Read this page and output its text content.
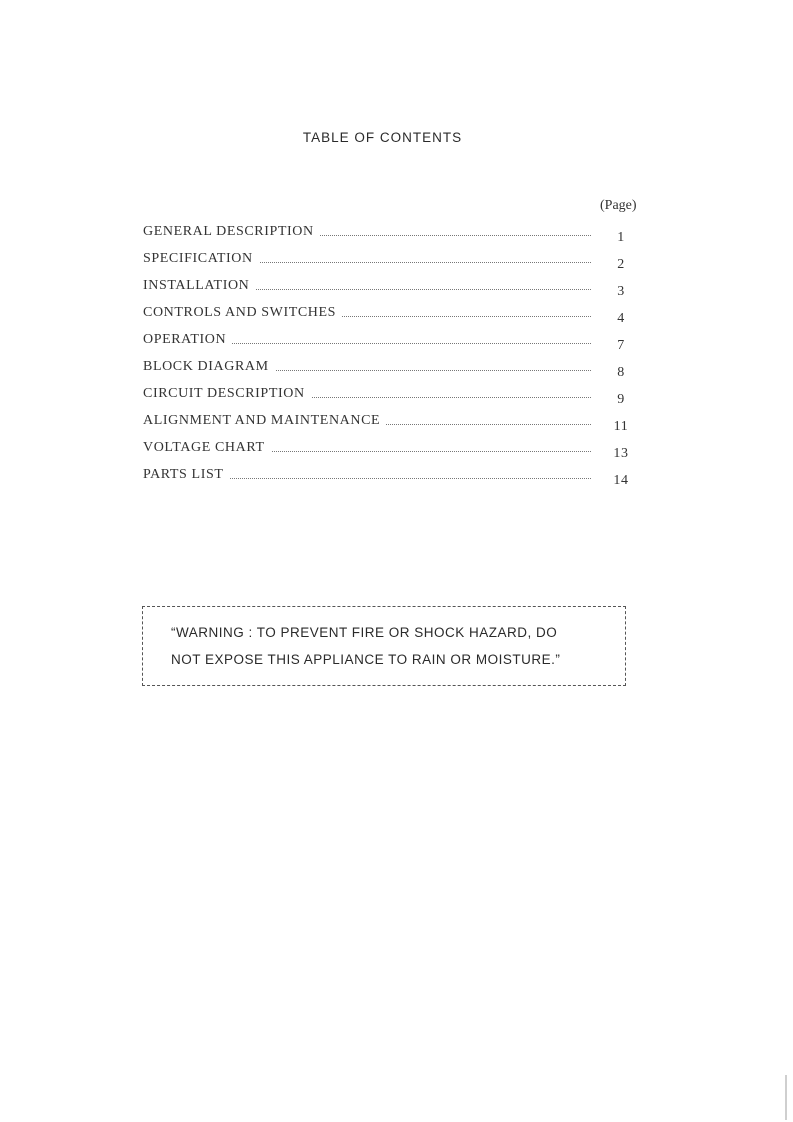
TABLE OF CONTENTS
(Page)
GENERAL DESCRIPTION	1
SPECIFICATION	2
INSTALLATION	3
CONTROLS AND SWITCHES	4
OPERATION	7
BLOCK DIAGRAM	8
CIRCUIT DESCRIPTION	9
ALIGNMENT AND MAINTENANCE	11
VOLTAGE CHART	13
PARTS LIST	14

“WARNING : TO PREVENT FIRE OR SHOCK HAZARD, DO

NOT EXPOSE THIS APPLIANCE TO RAIN OR MOISTURE.”
